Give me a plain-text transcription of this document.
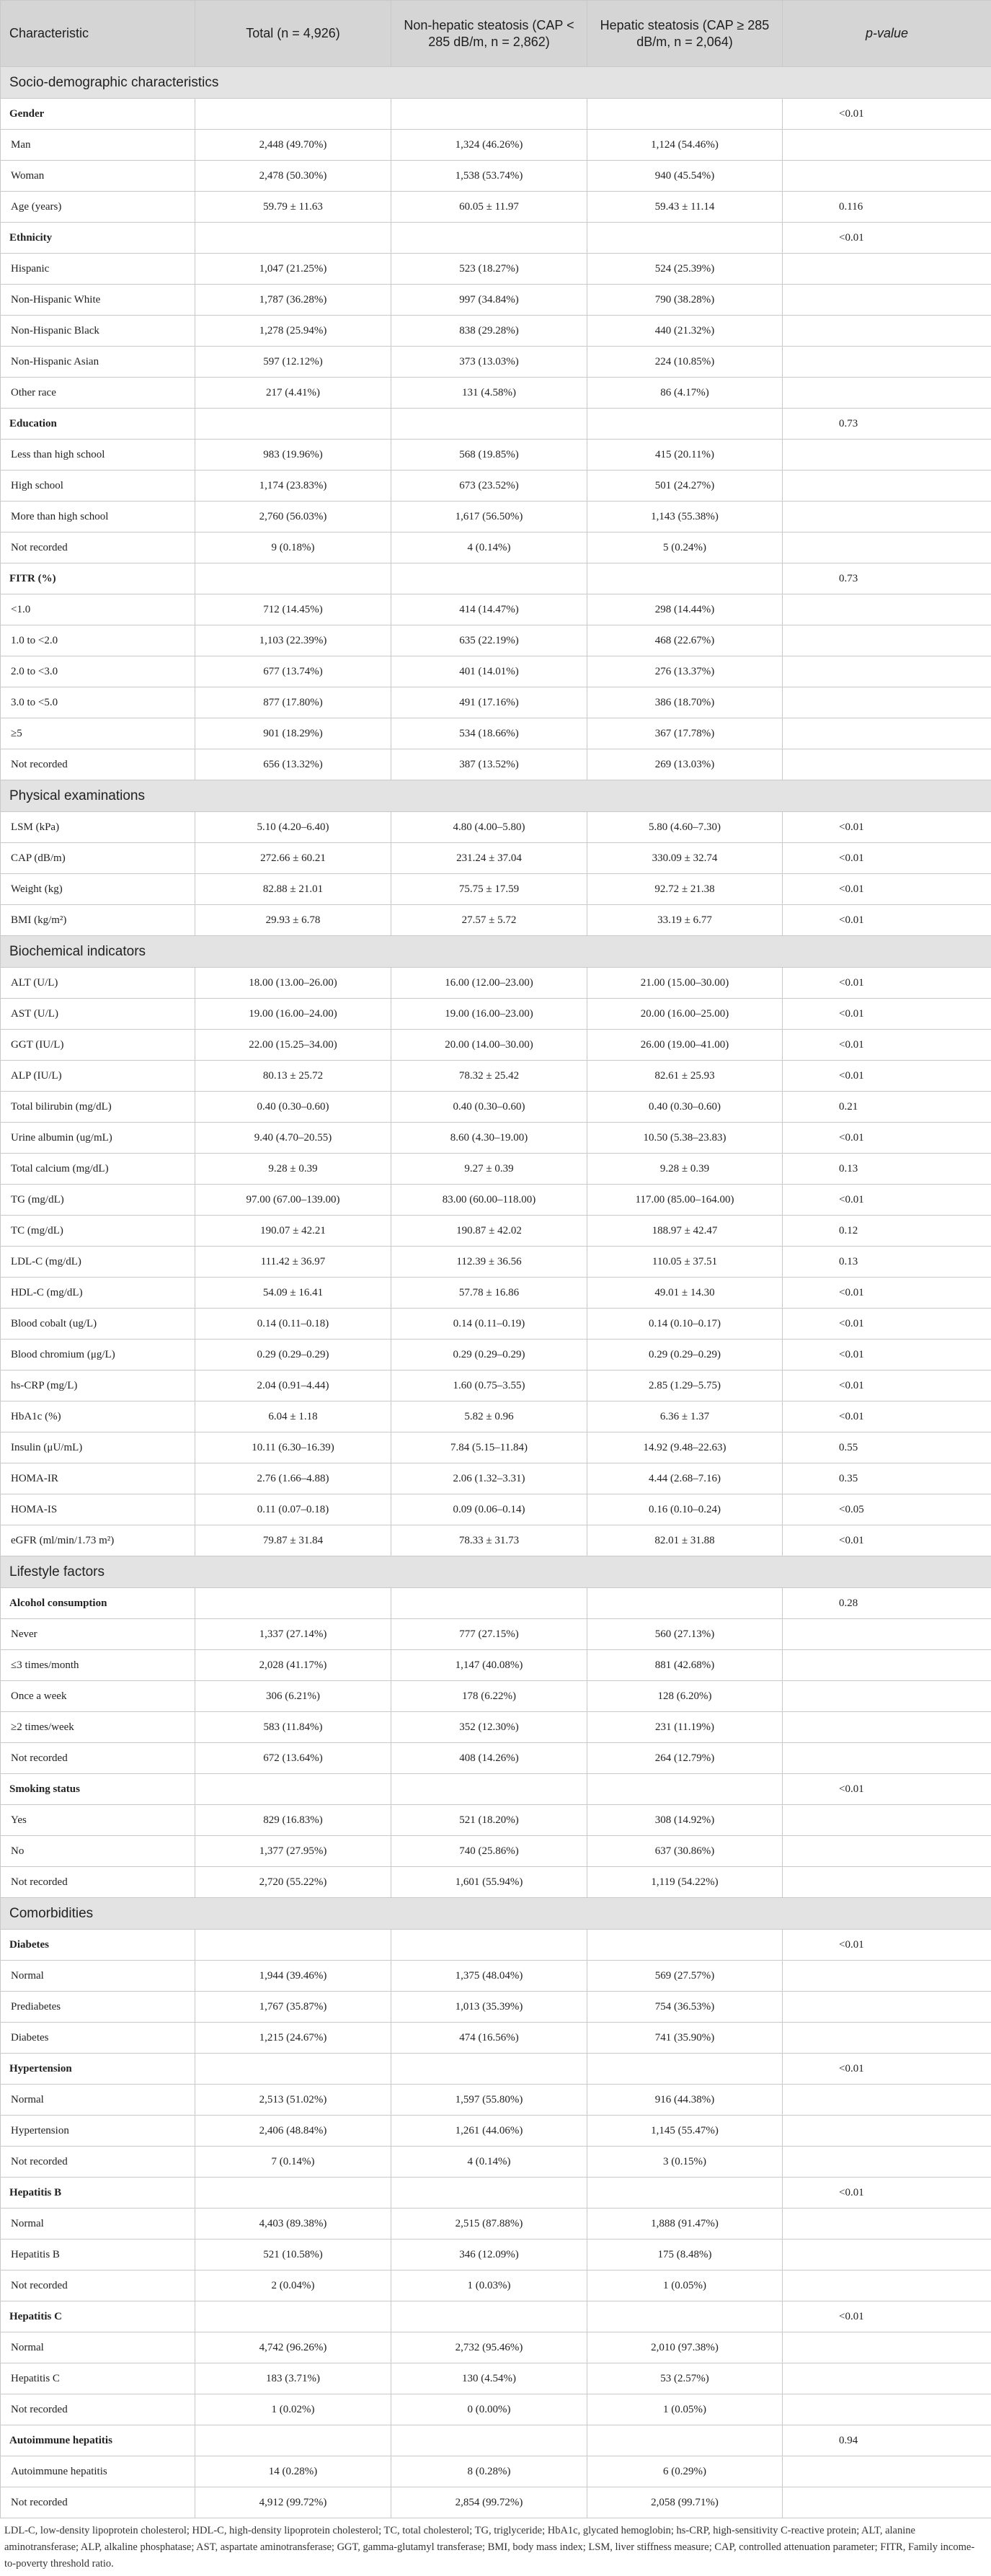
Characteristic	Total (n = 4,926)	Non-hepatic steatosis (CAP < 285 dB/m, n = 2,862)	Hepatic steatosis (CAP ≥ 285 dB/m, n = 2,064)	p-value
Socio-demographic characteristics				
Gender				<0.01
Man	2,448 (49.70%)	1,324 (46.26%)	1,124 (54.46%)	
Woman	2,478 (50.30%)	1,538 (53.74%)	940 (45.54%)	
Age (years)	59.79 ± 11.63	60.05 ± 11.97	59.43 ± 11.14	0.116
Ethnicity				<0.01
Hispanic	1,047 (21.25%)	523 (18.27%)	524 (25.39%)	
Non-Hispanic White	1,787 (36.28%)	997 (34.84%)	790 (38.28%)	
Non-Hispanic Black	1,278 (25.94%)	838 (29.28%)	440 (21.32%)	
Non-Hispanic Asian	597 (12.12%)	373 (13.03%)	224 (10.85%)	
Other race	217 (4.41%)	131 (4.58%)	86 (4.17%)	
Education				0.73
Less than high school	983 (19.96%)	568 (19.85%)	415 (20.11%)	
High school	1,174 (23.83%)	673 (23.52%)	501 (24.27%)	
More than high school	2,760 (56.03%)	1,617 (56.50%)	1,143 (55.38%)	
Not recorded	9 (0.18%)	4 (0.14%)	5 (0.24%)	
FITR (%)				0.73
<1.0	712 (14.45%)	414 (14.47%)	298 (14.44%)	
1.0 to <2.0	1,103 (22.39%)	635 (22.19%)	468 (22.67%)	
2.0 to <3.0	677 (13.74%)	401 (14.01%)	276 (13.37%)	
3.0 to <5.0	877 (17.80%)	491 (17.16%)	386 (18.70%)	
≥5	901 (18.29%)	534 (18.66%)	367 (17.78%)	
Not recorded	656 (13.32%)	387 (13.52%)	269 (13.03%)	
Physical examinations				
LSM (kPa)	5.10 (4.20–6.40)	4.80 (4.00–5.80)	5.80 (4.60–7.30)	<0.01
CAP (dB/m)	272.66 ± 60.21	231.24 ± 37.04	330.09 ± 32.74	<0.01
Weight (kg)	82.88 ± 21.01	75.75 ± 17.59	92.72 ± 21.38	<0.01
BMI (kg/m²)	29.93 ± 6.78	27.57 ± 5.72	33.19 ± 6.77	<0.01
Biochemical indicators				
ALT (U/L)	18.00 (13.00–26.00)	16.00 (12.00–23.00)	21.00 (15.00–30.00)	<0.01
AST (U/L)	19.00 (16.00–24.00)	19.00 (16.00–23.00)	20.00 (16.00–25.00)	<0.01
GGT (IU/L)	22.00 (15.25–34.00)	20.00 (14.00–30.00)	26.00 (19.00–41.00)	<0.01
ALP (IU/L)	80.13 ± 25.72	78.32 ± 25.42	82.61 ± 25.93	<0.01
Total bilirubin (mg/dL)	0.40 (0.30–0.60)	0.40 (0.30–0.60)	0.40 (0.30–0.60)	0.21
Urine albumin (ug/mL)	9.40 (4.70–20.55)	8.60 (4.30–19.00)	10.50 (5.38–23.83)	<0.01
Total calcium (mg/dL)	9.28 ± 0.39	9.27 ± 0.39	9.28 ± 0.39	0.13
TG (mg/dL)	97.00 (67.00–139.00)	83.00 (60.00–118.00)	117.00 (85.00–164.00)	<0.01
TC (mg/dL)	190.07 ± 42.21	190.87 ± 42.02	188.97 ± 42.47	0.12
LDL-C (mg/dL)	111.42 ± 36.97	112.39 ± 36.56	110.05 ± 37.51	0.13
HDL-C (mg/dL)	54.09 ± 16.41	57.78 ± 16.86	49.01 ± 14.30	<0.01
Blood cobalt (ug/L)	0.14 (0.11–0.18)	0.14 (0.11–0.19)	0.14 (0.10–0.17)	<0.01
Blood chromium (μg/L)	0.29 (0.29–0.29)	0.29 (0.29–0.29)	0.29 (0.29–0.29)	<0.01
hs-CRP (mg/L)	2.04 (0.91–4.44)	1.60 (0.75–3.55)	2.85 (1.29–5.75)	<0.01
HbA1c (%)	6.04 ± 1.18	5.82 ± 0.96	6.36 ± 1.37	<0.01
Insulin (μU/mL)	10.11 (6.30–16.39)	7.84 (5.15–11.84)	14.92 (9.48–22.63)	0.55
HOMA-IR	2.76 (1.66–4.88)	2.06 (1.32–3.31)	4.44 (2.68–7.16)	0.35
HOMA-IS	0.11 (0.07–0.18)	0.09 (0.06–0.14)	0.16 (0.10–0.24)	<0.05
eGFR (ml/min/1.73 m²)	79.87 ± 31.84	78.33 ± 31.73	82.01 ± 31.88	<0.01
Lifestyle factors				
Alcohol consumption				0.28
Never	1,337 (27.14%)	777 (27.15%)	560 (27.13%)	
≤3 times/month	2,028 (41.17%)	1,147 (40.08%)	881 (42.68%)	
Once a week	306 (6.21%)	178 (6.22%)	128 (6.20%)	
≥2 times/week	583 (11.84%)	352 (12.30%)	231 (11.19%)	
Not recorded	672 (13.64%)	408 (14.26%)	264 (12.79%)	
Smoking status				<0.01
Yes	829 (16.83%)	521 (18.20%)	308 (14.92%)	
No	1,377 (27.95%)	740 (25.86%)	637 (30.86%)	
Not recorded	2,720 (55.22%)	1,601 (55.94%)	1,119 (54.22%)	
Comorbidities				
Diabetes				<0.01
Normal	1,944 (39.46%)	1,375 (48.04%)	569 (27.57%)	
Prediabetes	1,767 (35.87%)	1,013 (35.39%)	754 (36.53%)	
Diabetes	1,215 (24.67%)	474 (16.56%)	741 (35.90%)	
Hypertension				<0.01
Normal	2,513 (51.02%)	1,597 (55.80%)	916 (44.38%)	
Hypertension	2,406 (48.84%)	1,261 (44.06%)	1,145 (55.47%)	
Not recorded	7 (0.14%)	4 (0.14%)	3 (0.15%)	
Hepatitis B				<0.01
Normal	4,403 (89.38%)	2,515 (87.88%)	1,888 (91.47%)	
Hepatitis B	521 (10.58%)	346 (12.09%)	175 (8.48%)	
Not recorded	2 (0.04%)	1 (0.03%)	1 (0.05%)	
Hepatitis C				<0.01
Normal	4,742 (96.26%)	2,732 (95.46%)	2,010 (97.38%)	
Hepatitis C	183 (3.71%)	130 (4.54%)	53 (2.57%)	
Not recorded	1 (0.02%)	0 (0.00%)	1 (0.05%)	
Autoimmune hepatitis				0.94
Autoimmune hepatitis	14 (0.28%)	8 (0.28%)	6 (0.29%)	
Not recorded	4,912 (99.72%)	2,854 (99.72%)	2,058 (99.71%)	
LDL-C, low-density lipoprotein cholesterol; HDL-C, high-density lipoprotein cholesterol; TC, total cholesterol; TG, triglyceride; HbA1c, glycated hemoglobin; hs-CRP, high-sensitivity C-reactive protein; ALT, alanine aminotransferase; ALP, alkaline phosphatase; AST, aspartate aminotransferase; GGT, gamma-glutamyl transferase; BMI, body mass index; LSM, liver stiffness measure; CAP, controlled attenuation parameter; FITR, Family income-to-poverty threshold ratio.
